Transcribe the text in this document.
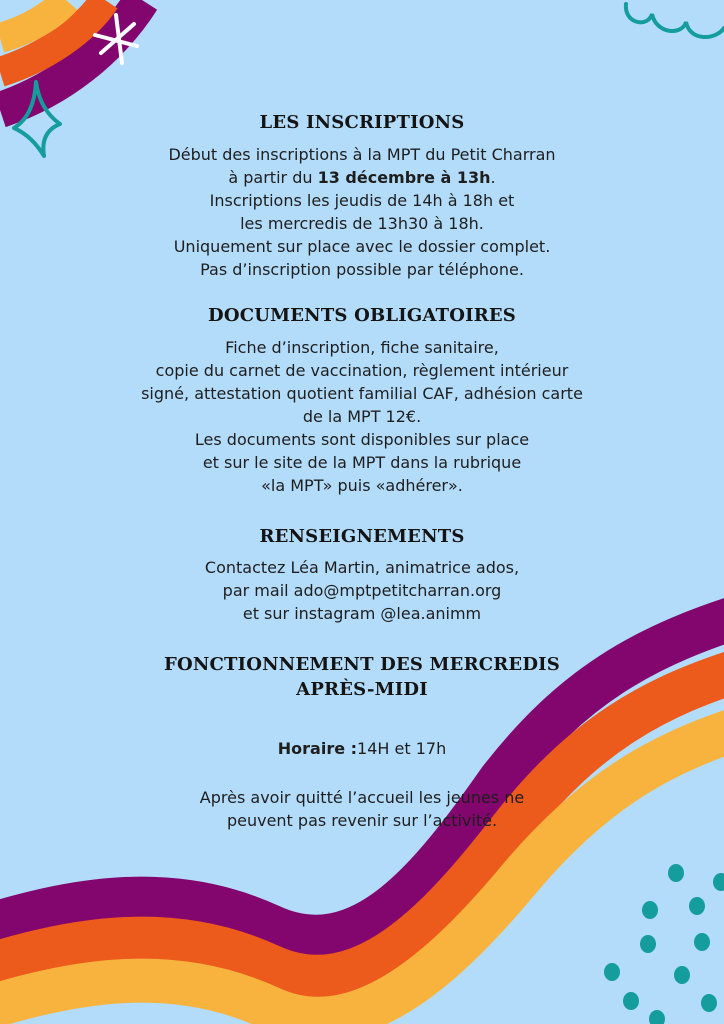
LES INSCRIPTIONS
Début des inscriptions à la MPT du Petit Charran
à partir du 13 décembre à 13h.
Inscriptions les jeudis de 14h à 18h et
les mercredis de 13h30 à 18h.
Uniquement sur place avec le dossier complet.
Pas d’inscription possible par téléphone.
DOCUMENTS OBLIGATOIRES
Fiche d’inscription, fiche sanitaire,
copie du carnet de vaccination, règlement intérieur
signé, attestation quotient familial CAF, adhésion carte
de la MPT 12€.
Les documents sont disponibles sur place
et sur le site de la MPT dans la rubrique
«la MPT» puis «adhérer».
RENSEIGNEMENTS
Contactez Léa Martin, animatrice ados,
par mail ado@mptpetitcharran.org
et sur instagram @lea.animm
FONCTIONNEMENT DES MERCREDIS
APRÈS-MIDI
Horaire :14H et 17h
Après avoir quitté l’accueil les jeunes ne
peuvent pas revenir sur l’activité.
